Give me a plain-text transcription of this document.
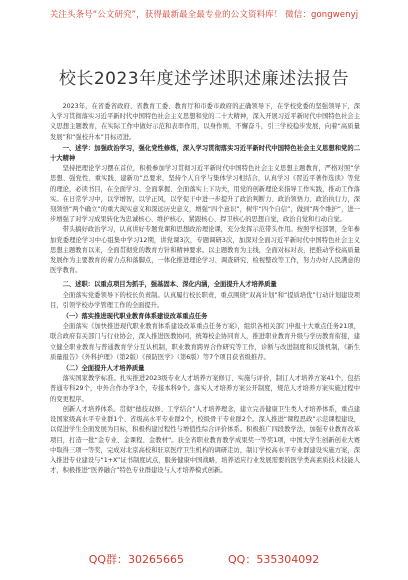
关注头条号“公文研究”，获得最新最全最专业的公文资料库！ 微信：gongwenyj
校长2023年度述学述职述廉述法报告

2023年，在省委省政府、省教育工委、教育厅和市委市政府的正确领导下，在学校党委的坚强领导下，深入学习贯彻落实习近平新时代中国特色社会主义思想和党的二十大精神，深入开展习近平新时代中国特色社会主义思想主题教育，在实际工作中做好示范和表率作用，以身作则，不懈奋斗，引三学校稳步发展，向着“高质量发展”和“强校升本”目标迈进。

一、述学：加强政治学习，强化党性修炼，深入学习贯彻落实习近平新时代中国特色社会主义思想和党的二十大精神

坚持把理论学习摆在首位，积极参加学习贯彻习近平新时代中国特色社会主义思想主题教育，严格对照“学思想、强党性、重实践、建新功”总要求，坚持个人自学与集体学习相结合，认真学习《習近平著作选读》等党的理论，必读书目，在全面学习、全面掌握、全面落实上下功夫，用党的创新理论来指导工作实践，推动工作落实。在日常学习中，以学增智，以学正风，以学促干中进一步提升了政治判断力、政治领悟力、政治执行力，深刻领悟“两个确立”的重大现实意义和深远历史意义，增强“四个意识”，树牢“四个自信”，做到“两个维护”，进一步增强了对学习成果转化为忠诚核心、维护核心、紧跟核心、捍卫核心的思想自觉，政治自觉和行动自觉。

带头搞好政治学习，认真讲好专题党课和思想政治理论课，充分发挥示范带头作用。按照学校部署，全年参加党委理论学习中心组集中学习12期，讲党课3次，专题调研3次，加深对全面习近平新时代中国特色社会主义思想主题教育以来，全面贯彻党的教育方针和精神要求。以主题教育为主线，全面对标对表，把推动学校高质量发展作为主要教育的着力点和落脚点，一体化推进理论学习、调查研究、检视整改等工作，努力办好人民满意的医学教育。

二、述职：以重点项目为抓手，强基固本、深化内涵，全面提升人才培养质量

全面落实党委领导下的校长负责制。认真履行校长职责，重点围绕“双高计划”和“提质培优”行动计划建设项目，引领学校办学管理工作的全面提升。

（一）落实推进现代职业教育体系建设改革重点任务

全面落实《加快推进现代职业教育体系建设改革重点任务方案》，组织各相关部门申报十大重点任务21项，联合政府有关部门与行业协会，深入推进医教协同，统筹校企协同育人，推进职业教育升级与学历教育衔接，建立健全职业教育与普通教育学分互认机制，职业教育跨界合作研究等工作，诊断与改进制度和反馈机制，《新生质量报告》《外科护理》（第2版）《预防医学》（第6版）等7个项目获省级推荐。

（二）全面提升人才培养质量

落实国家教学标准。扎实推进2023级专业人才培养方案修订、实施与评价，制订人才培养方案41个，包括普通专科29个，中外合作办学3个，专接本科9个。落实人才培养方案公开制度，规范人才培养方案实施过程中的变更程序。

创新人才培养体系。贯彻“德技双修、工学结合”人才培养理念，建立完善健康卫生类人才培养体系，重点建设国家级高水平专业群1个、省级高水平专业群2个，校级骨干专业群2个。深入推进“课程思政”示范课程建设，以促进学生全面发展为目标，积极构建过程性与增值性综合评价体系。积极推广四段教学法，加强专业教育改革项目，打造一批“金专业、金课程、金教材”。获全省职业教育教学成果奖一等奖1项，中国大学生创新创业大赛中取得三项一等奖，完成对北京高校和驻京医疗卫生机构的调研走访，制订学校高水平专业群建设实施方案，深入推进专业建设与“1+X”证书制度试点，服务健康中国战略，培养适应行业发展需要的医学类高素质技术技能人才，积极推进“医养融合”特色专业群建设与人才培养模式创新。

QQ群：30265665	QQ：535304092
